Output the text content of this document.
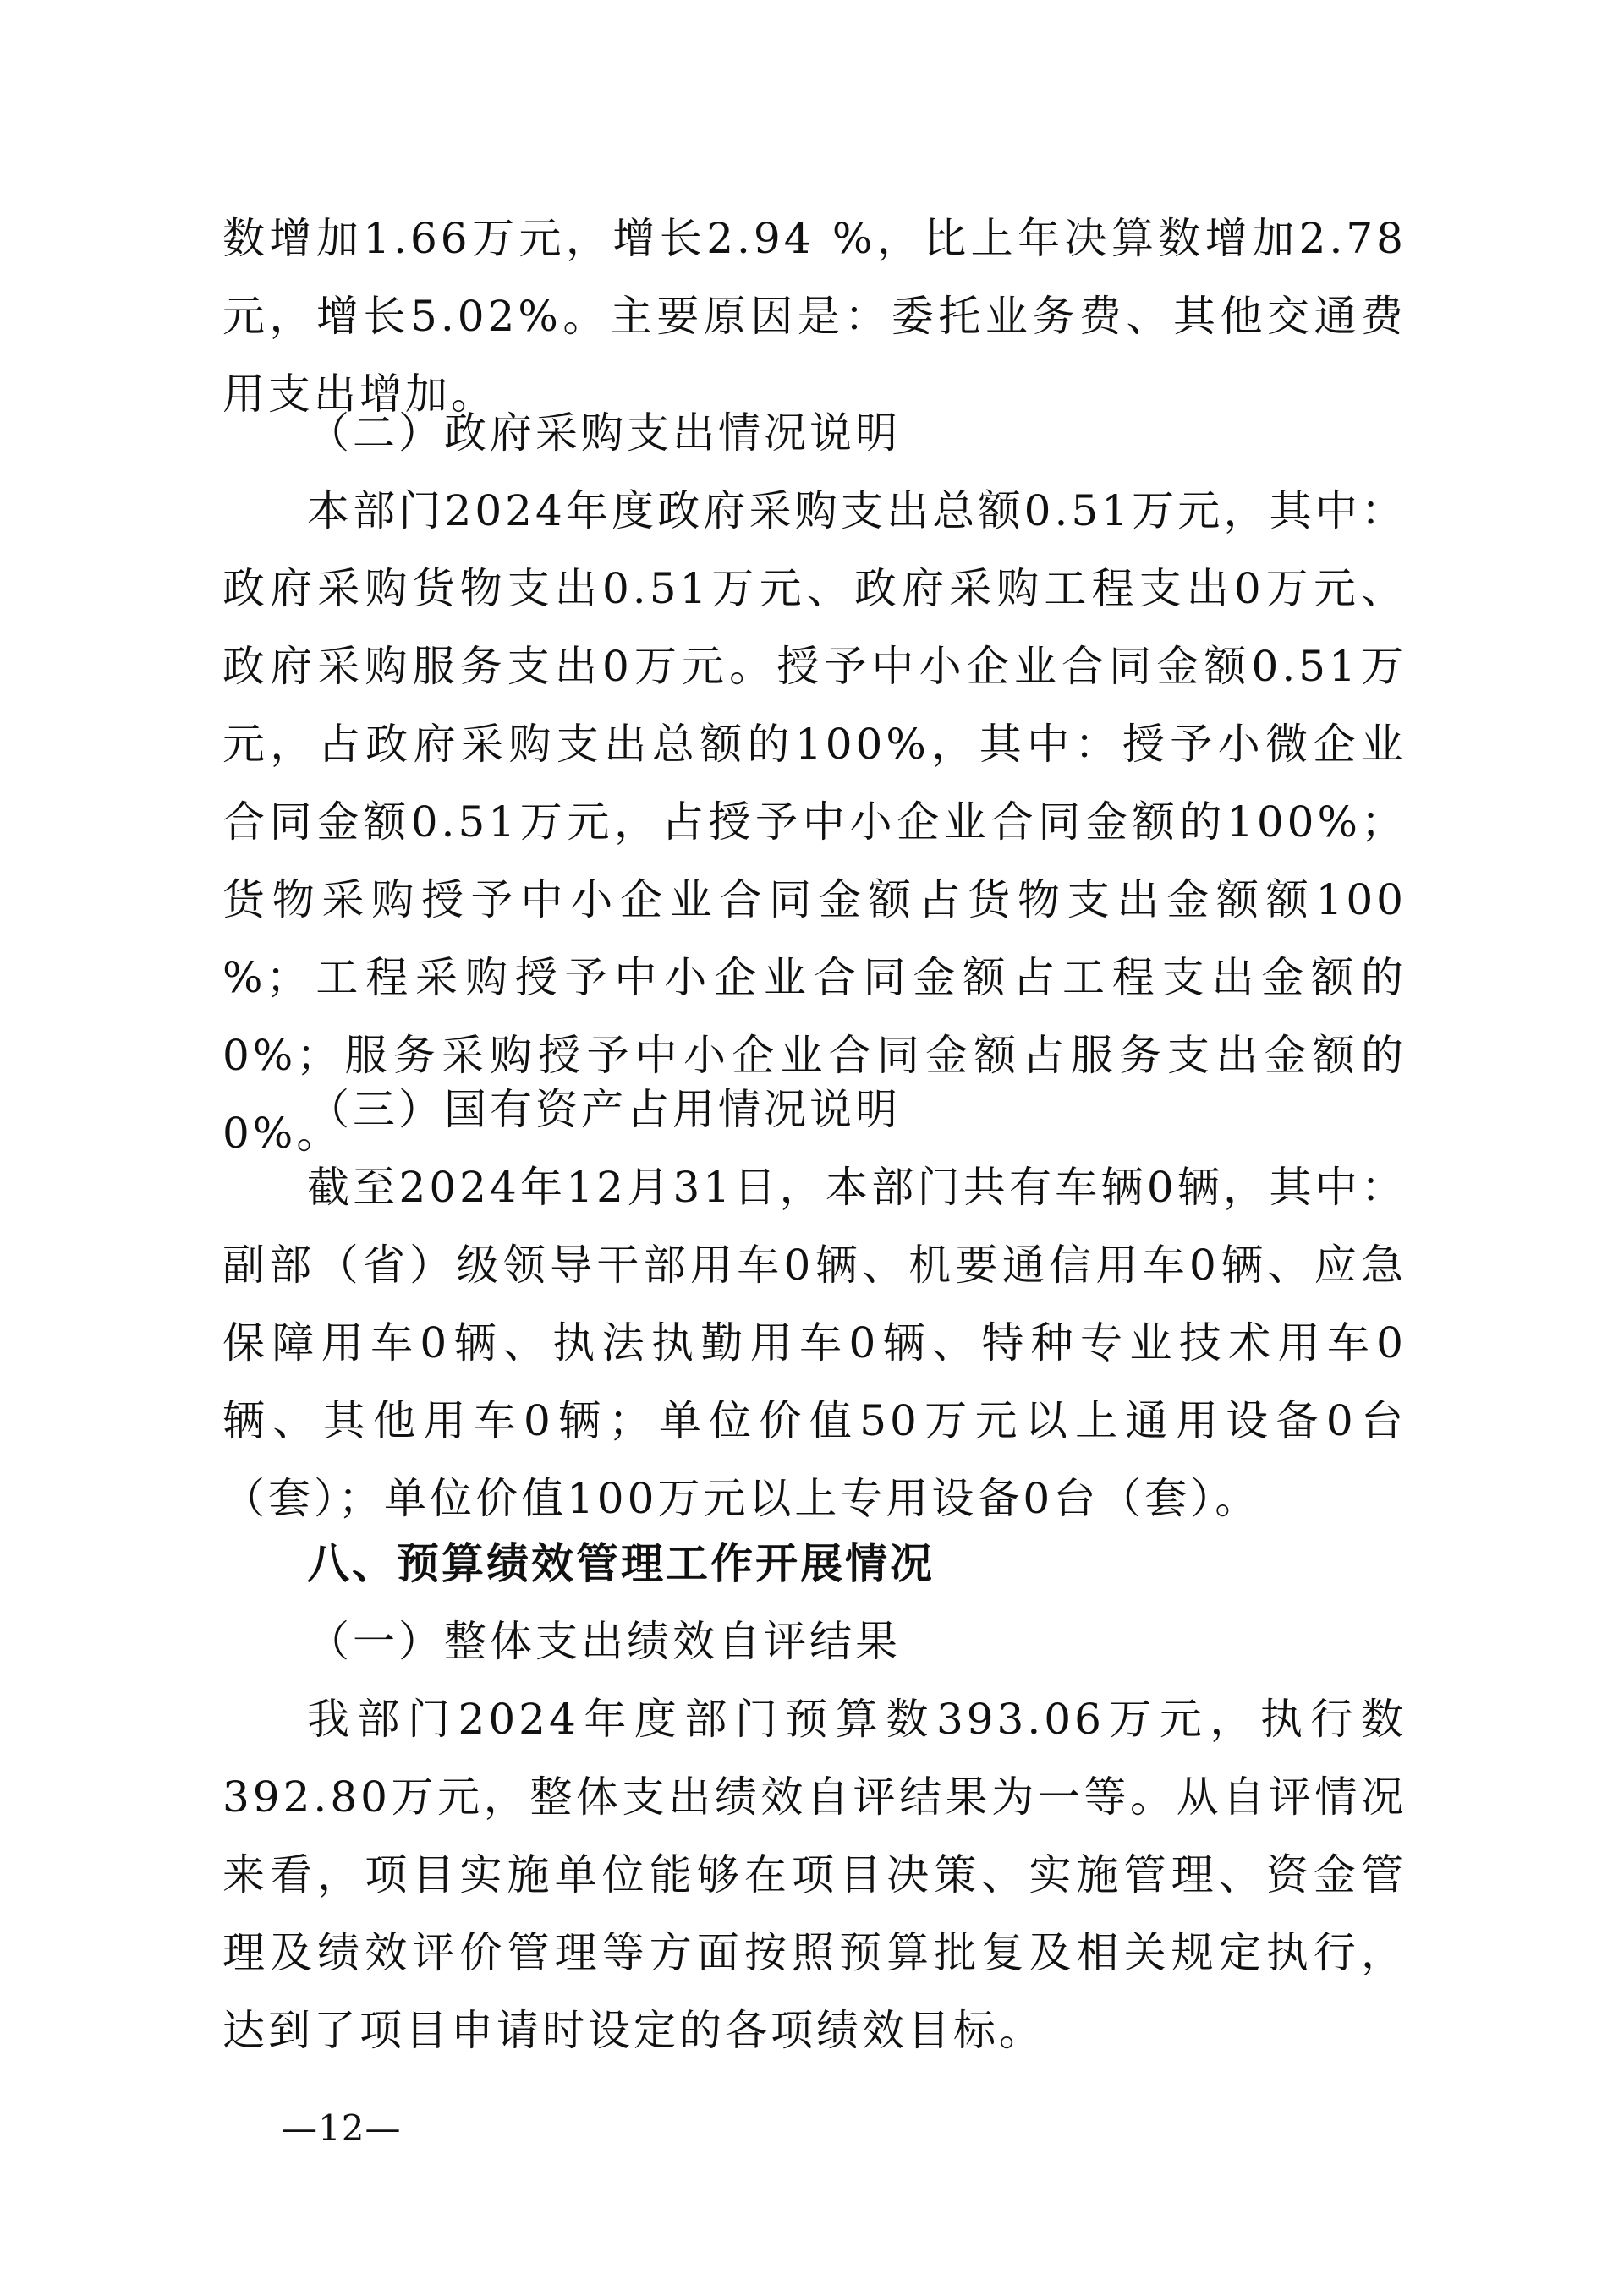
数增加1.66万元，增长2.94 %，比上年决算数增加2.78元，增长5.02%。主要原因是：委托业务费、其他交通费用支出增加。

（二）政府采购支出情况说明

本部门2024年度政府采购支出总额0.51万元，其中：政府采购货物支出0.51万元、政府采购工程支出0万元、政府采购服务支出0万元。授予中小企业合同金额0.51万元，占政府采购支出总额的100%，其中：授予小微企业合同金额0.51万元，占授予中小企业合同金额的100%；货物采购授予中小企业合同金额占货物支出金额额100 %；工程采购授予中小企业合同金额占工程支出金额的0%；服务采购授予中小企业合同金额占服务支出金额的0%。

（三）国有资产占用情况说明

截至2024年12月31日，本部门共有车辆0辆，其中：副部（省）级领导干部用车0辆、机要通信用车0辆、应急保障用车0辆、执法执勤用车0辆、特种专业技术用车0辆、其他用车0辆；单位价值50万元以上通用设备0台（套）；单位价值100万元以上专用设备0台（套）。

八、预算绩效管理工作开展情况
（一）整体支出绩效自评结果

我部门2024年度部门预算数393.06万元，执行数392.80万元，整体支出绩效自评结果为一等。从自评情况来看，项目实施单位能够在项目决策、实施管理、资金管理及绩效评价管理等方面按照预算批复及相关规定执行，达到了项目申请时设定的各项绩效目标。

—12—
